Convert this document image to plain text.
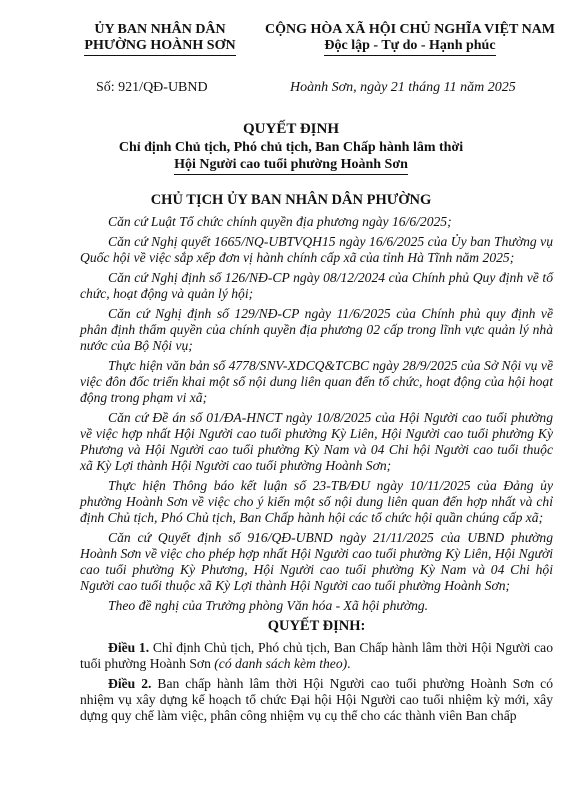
ỦY BAN NHÂN DÂN
PHƯỜNG HOÀNH SƠN
CỘNG HÒA XÃ HỘI CHỦ NGHĨA VIỆT NAM
Độc lập - Tự do - Hạnh phúc
Số: 921/QĐ-UBND	Hoành Sơn, ngày 21 tháng 11 năm 2025
QUYẾT ĐỊNH
Chỉ định Chủ tịch, Phó chủ tịch, Ban Chấp hành lâm thời
Hội Người cao tuổi phường Hoành Sơn
CHỦ TỊCH ỦY BAN NHÂN DÂN PHƯỜNG

Căn cứ Luật Tổ chức chính quyền địa phương ngày 16/6/2025;

Căn cứ Nghị quyết 1665/NQ-UBTVQH15 ngày 16/6/2025 của Ủy ban Thường vụ Quốc hội về việc sắp xếp đơn vị hành chính cấp xã của tỉnh Hà Tĩnh năm 2025;

Căn cứ Nghị định số 126/NĐ-CP ngày 08/12/2024 của Chính phủ Quy định về tổ chức, hoạt động và quản lý hội;

Căn cứ Nghị định số 129/NĐ-CP ngày 11/6/2025 của Chính phủ quy định về phân định thẩm quyền của chính quyền địa phương 02 cấp trong lĩnh vực quản lý nhà nước của Bộ Nội vụ;

Thực hiện văn bản số 4778/SNV-XDCQ&TCBC ngày 28/9/2025 của Sở Nội vụ về việc đôn đốc triển khai một số nội dung liên quan đến tổ chức, hoạt động của hội hoạt động trong phạm vi xã;

Căn cứ Đề án số 01/ĐA-HNCT ngày 10/8/2025 của Hội Người cao tuổi phường về việc hợp nhất Hội Người cao tuổi phường Kỳ Liên, Hội Người cao tuổi phường Kỳ Phương và Hội Người cao tuổi phường Kỳ Nam và 04 Chi hội Người cao tuổi thuộc xã Kỳ Lợi thành Hội Người cao tuổi phường Hoành Sơn;

Thực hiện Thông báo kết luận số 23-TB/ĐU ngày 10/11/2025 của Đảng ủy phường Hoành Sơn về việc cho ý kiến một số nội dung liên quan đến hợp nhất và chỉ định Chủ tịch, Phó Chủ tịch, Ban Chấp hành hội các tổ chức hội quần chúng cấp xã;

Căn cứ Quyết định số 916/QĐ-UBND ngày 21/11/2025 của UBND phường Hoành Sơn về việc cho phép hợp nhất Hội Người cao tuổi phường Kỳ Liên, Hội Người cao tuổi phường Kỳ Phương, Hội Người cao tuổi phường Kỳ Nam và 04 Chi hội Người cao tuổi thuộc xã Kỳ Lợi thành Hội Người cao tuổi phường Hoành Sơn;

Theo đề nghị của Trưởng phòng Văn hóa - Xã hội phường.

QUYẾT ĐỊNH:

Điều 1. Chỉ định Chủ tịch, Phó chủ tịch, Ban Chấp hành lâm thời Hội Người cao tuổi phường Hoành Sơn (có danh sách kèm theo).

Điều 2. Ban chấp hành lâm thời Hội Người cao tuổi phường Hoành Sơn có nhiệm vụ xây dựng kế hoạch tổ chức Đại hội Hội Người cao tuổi nhiệm kỳ mới, xây dựng quy chế làm việc, phân công nhiệm vụ cụ thể cho các thành viên Ban chấp
